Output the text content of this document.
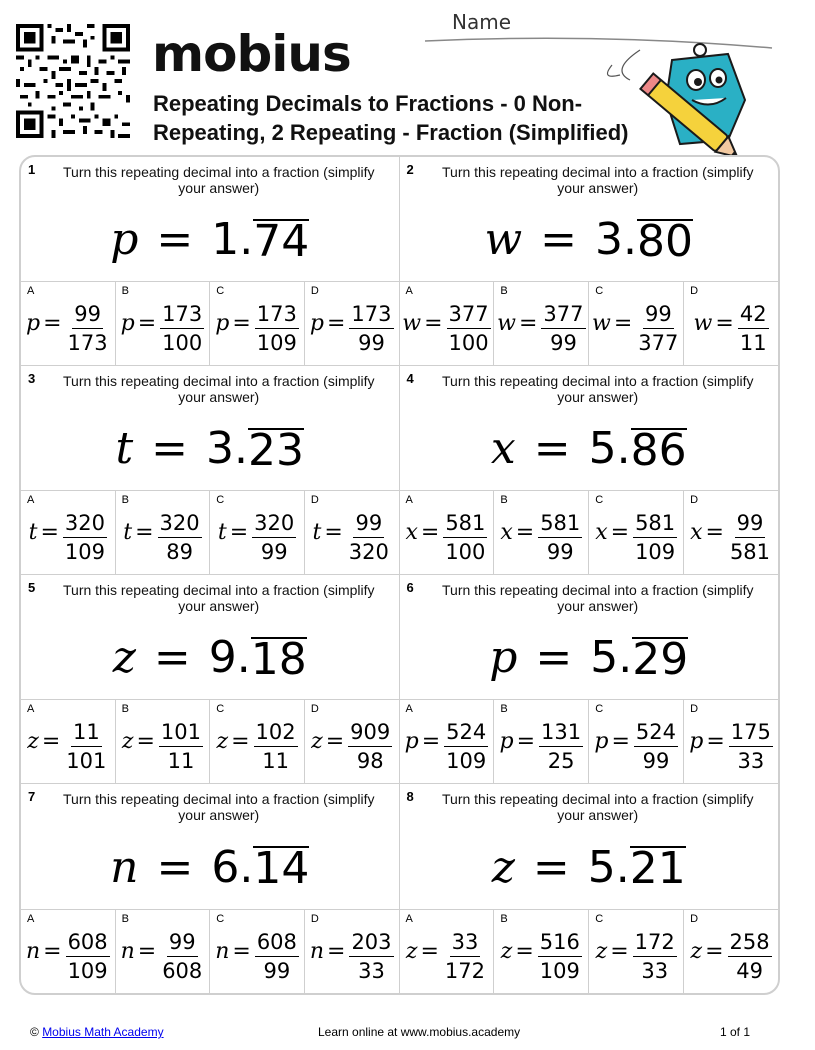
mobius
Repeating Decimals to Fractions - 0 Non-Repeating, 2 Repeating - Fraction (Simplified)
Name
1	Turn this repeating decimal into a fraction (simplify your answer)
p = 1. 74
A
$p = \frac{99}{173}$
B
$p = \frac{173}{100}$
C
$p = \frac{173}{109}$
D
$p = \frac{173}{99}$
2	Turn this repeating decimal into a fraction (simplify your answer)
w = 3. 80
A
$w = \frac{377}{100}$
B
$w = \frac{377}{99}$
C
$w = \frac{99}{377}$
D
$w = \frac{42}{11}$
3	Turn this repeating decimal into a fraction (simplify your answer)
t = 3. 23
A
$t = \frac{320}{109}$
B
$t = \frac{320}{89}$
C
$t = \frac{320}{99}$
D
$t = \frac{99}{320}$
4	Turn this repeating decimal into a fraction (simplify your answer)
x = 5. 86
A
$x = \frac{581}{100}$
B
$x = \frac{581}{99}$
C
$x = \frac{581}{109}$
D
$x = \frac{99}{581}$
5	Turn this repeating decimal into a fraction (simplify your answer)
z = 9. 18
A
$z = \frac{11}{101}$
B
$z = \frac{101}{11}$
C
$z = \frac{102}{11}$
D
$z = \frac{909}{98}$
6	Turn this repeating decimal into a fraction (simplify your answer)
p = 5. 29
A
$p = \frac{524}{109}$
B
$p = \frac{131}{25}$
C
$p = \frac{524}{99}$
D
$p = \frac{175}{33}$
7	Turn this repeating decimal into a fraction (simplify your answer)
n = 6. 14
A
$n = \frac{608}{109}$
B
$n = \frac{99}{608}$
C
$n = \frac{608}{99}$
D
$n = \frac{203}{33}$
8	Turn this repeating decimal into a fraction (simplify your answer)
z = 5. 21
A
$z = \frac{33}{172}$
B
$z = \frac{516}{109}$
C
$z = \frac{172}{33}$
D
$z = \frac{258}{49}$
© Mobius Math Academy	Learn online at www.mobius.academy	1 of 1
